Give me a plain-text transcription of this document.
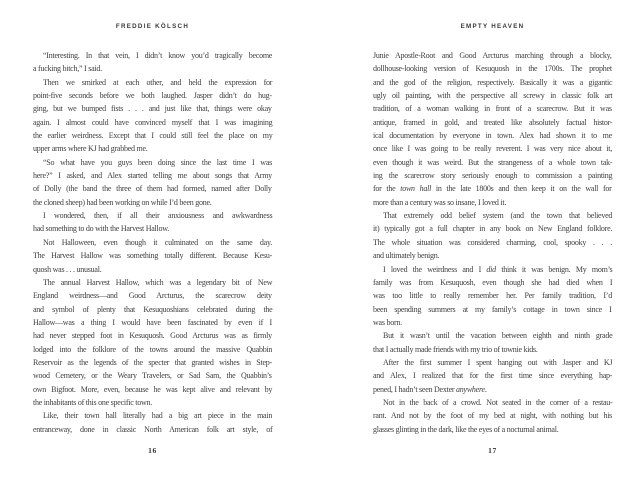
FREDDIE KÖLSCH
“Interesting. In that vein, I didn’t know you’d tragically become
a fucking bitch,” I said.
Then we smirked at each other, and held the expression for
point-five seconds before we both laughed. Jasper didn’t do hug-
ging, but we bumped fists . . . and just like that, things were okay
again. I almost could have convinced myself that I was imagining
the earlier weirdness. Except that I could still feel the place on my
upper arms where KJ had grabbed me.
“So what have you guys been doing since the last time I was
here?” I asked, and Alex started telling me about songs that Army
of Dolly (the band the three of them had formed, named after Dolly
the cloned sheep) had been working on while I’d been gone.
I wondered, then, if all their anxiousness and awkwardness
had something to do with the Harvest Hallow.
Not Halloween, even though it culminated on the same day.
The Harvest Hallow was something totally different. Because Kesu-
quosh was . . . unusual.
The annual Harvest Hallow, which was a legendary bit of New
England weirdness—and Good Arcturus, the scarecrow deity
and symbol of plenty that Kesuquoshians celebrated during the
Hallow—was a thing I would have been fascinated by even if I
had never stepped foot in Kesuquosh. Good Arcturus was as firmly
lodged into the folklore of the towns around the massive Quabbin
Reservoir as the legends of the specter that granted wishes in Step-
wood Cemetery, or the Weary Travelers, or Sad Sam, the Quabbin’s
own Bigfoot. More, even, because he was kept alive and relevant by
the inhabitants of this one specific town.
Like, their town hall literally had a big art piece in the main
entranceway, done in classic North American folk art style, of
16
EMPTY HEAVEN
Junie Apostle-Root and Good Arcturus marching through a blocky,
dollhouse-looking version of Kesuquosh in the 1700s. The prophet
and the god of the religion, respectively. Basically it was a gigantic
ugly oil painting, with the perspective all screwy in classic folk art
tradition, of a woman walking in front of a scarecrow. But it was
antique, framed in gold, and treated like absolutely factual histor-
ical documentation by everyone in town. Alex had shown it to me
once like I was going to be really reverent. I was very nice about it,
even though it was weird. But the strangeness of a whole town tak-
ing the scarecrow story seriously enough to commission a painting
for the town hall in the late 1800s and then keep it on the wall for
more than a century was so insane, I loved it.
That extremely odd belief system (and the town that believed
it) typically got a full chapter in any book on New England folklore.
The whole situation was considered charming, cool, spooky . . .
and ultimately benign.
I loved the weirdness and I did think it was benign. My mom’s
family was from Kesuquosh, even though she had died when I
was too little to really remember her. Per family tradition, I’d
been spending summers at my family’s cottage in town since I
was born.
But it wasn’t until the vacation between eighth and ninth grade
that I actually made friends with my trio of townie kids.
After the first summer I spent hanging out with Jasper and KJ
and Alex, I realized that for the first time since everything hap-
pened, I hadn’t seen Dexter anywhere.
Not in the back of a crowd. Not seated in the corner of a restau-
rant. And not by the foot of my bed at night, with nothing but his
glasses glinting in the dark, like the eyes of a nocturnal animal.
17
